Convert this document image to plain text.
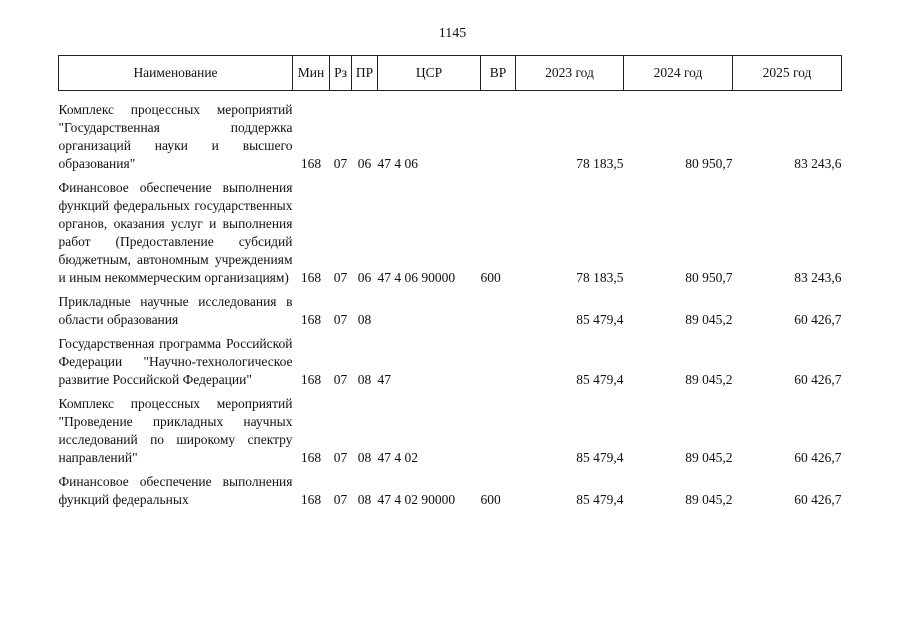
1145
Наименование	Мин	Рз	ПР	ЦСР	ВР	2023 год	2024 год	2025 год

Комплекс процессных мероприятий "Государственная поддержка организаций науки и высшего образования"	168	07	06	47 4 06		78 183,5	80 950,7	83 243,6
Финансовое обеспечение выполнения функций федеральных государственных органов, оказания услуг и выполнения работ (Предоставление субсидий бюджетным, автономным учреждениям и иным некоммерческим организациям)	168	07	06	47 4 06 90000	600	78 183,5	80 950,7	83 243,6
Прикладные научные исследования в области образования	168	07	08			85 479,4	89 045,2	60 426,7
Государственная программа Российской Федерации "Научно-технологическое развитие Российской Федерации"	168	07	08	47		85 479,4	89 045,2	60 426,7
Комплекс процессных мероприятий "Проведение прикладных научных исследований по широкому спектру направлений"	168	07	08	47 4 02		85 479,4	89 045,2	60 426,7
Финансовое обеспечение выполнения функций федеральных	168	07	08	47 4 02 90000	600	85 479,4	89 045,2	60 426,7
